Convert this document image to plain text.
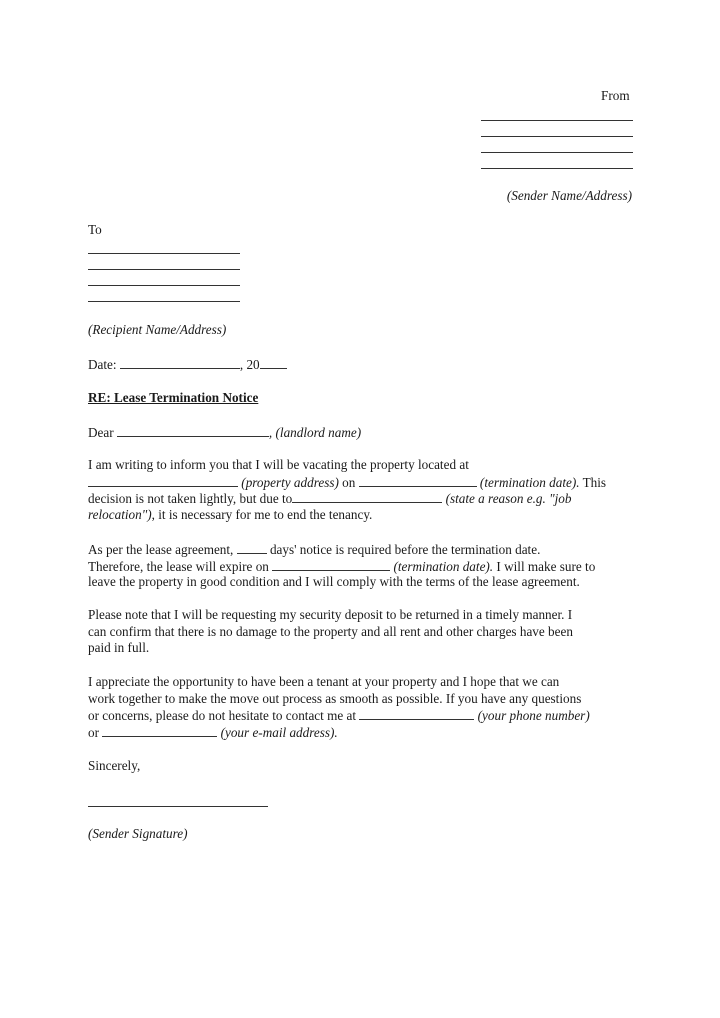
From
(Sender Name/Address)
To
(Recipient Name/Address)
Date:	, 20
RE: Lease Termination Notice
Dear	, (landlord name)
I am writing to inform you that I will be vacating the property located at
(property address) on	(termination date). This
decision is not taken lightly, but due to	(state a reason e.g. "job
relocation"), it is necessary for me to end the tenancy.
As per the lease agreement,	days' notice is required before the termination date.
Therefore, the lease will expire on	(termination date). I will make sure to
leave the property in good condition and I will comply with the terms of the lease agreement.
Please note that I will be requesting my security deposit to be returned in a timely manner. I
can confirm that there is no damage to the property and all rent and other charges have been
paid in full.
I appreciate the opportunity to have been a tenant at your property and I hope that we can
work together to make the move out process as smooth as possible. If you have any questions
or concerns, please do not hesitate to contact me at	(your phone number)
or	(your e-mail address).
Sincerely,
(Sender Signature)
